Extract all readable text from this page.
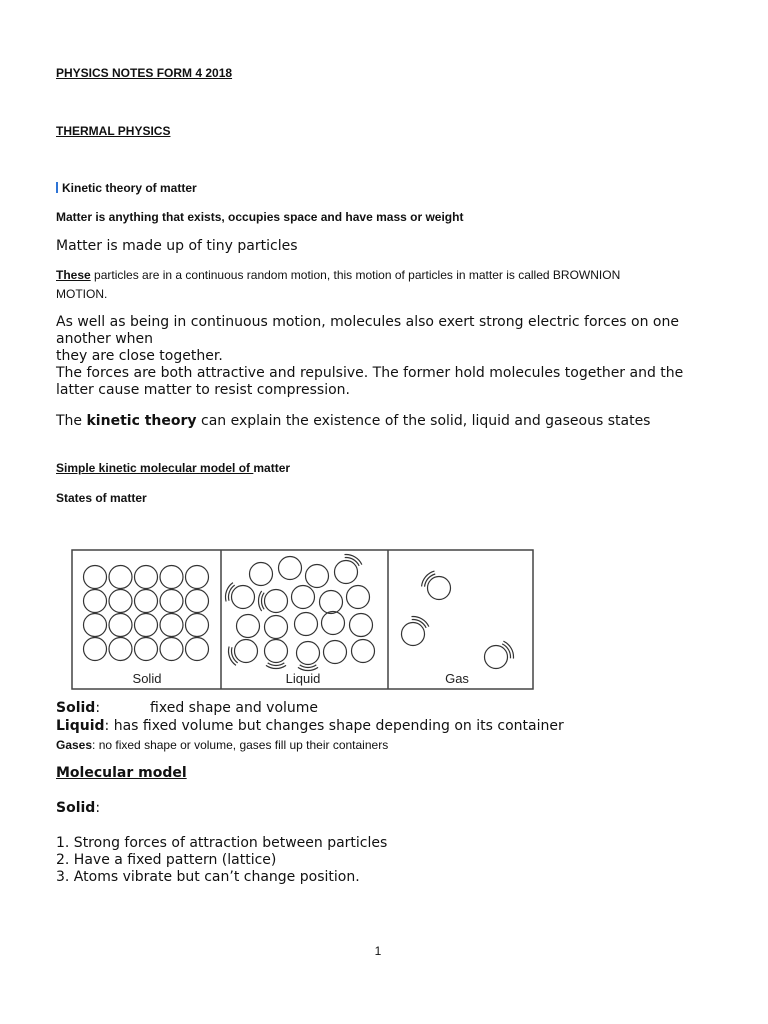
PHYSICS NOTES FORM 4 2018
THERMAL PHYSICS
Kinetic theory of matter
Matter is anything that exists, occupies space and have mass or weight
Matter is made up of tiny particles
These particles are in a continuous random motion, this motion of particles in matter is called BROWNION
MOTION.
As well as being in continuous motion, molecules also exert strong electric forces on one
another when
they are close together.
The forces are both attractive and repulsive. The former hold molecules together and the
latter cause matter to resist compression.
The kinetic theory can explain the existence of the solid, liquid and gaseous states
Simple kinetic molecular model of matter
States of matter
Solid	Liquid	Gas
Solid:	fixed shape and volume
Liquid: has fixed volume but changes shape depending on its container
Gases: no fixed shape or volume, gases fill up their containers
Molecular model
Solid:
1. Strong forces of attraction between particles
2. Have a fixed pattern (lattice)
3. Atoms vibrate but can’t change position.
1
